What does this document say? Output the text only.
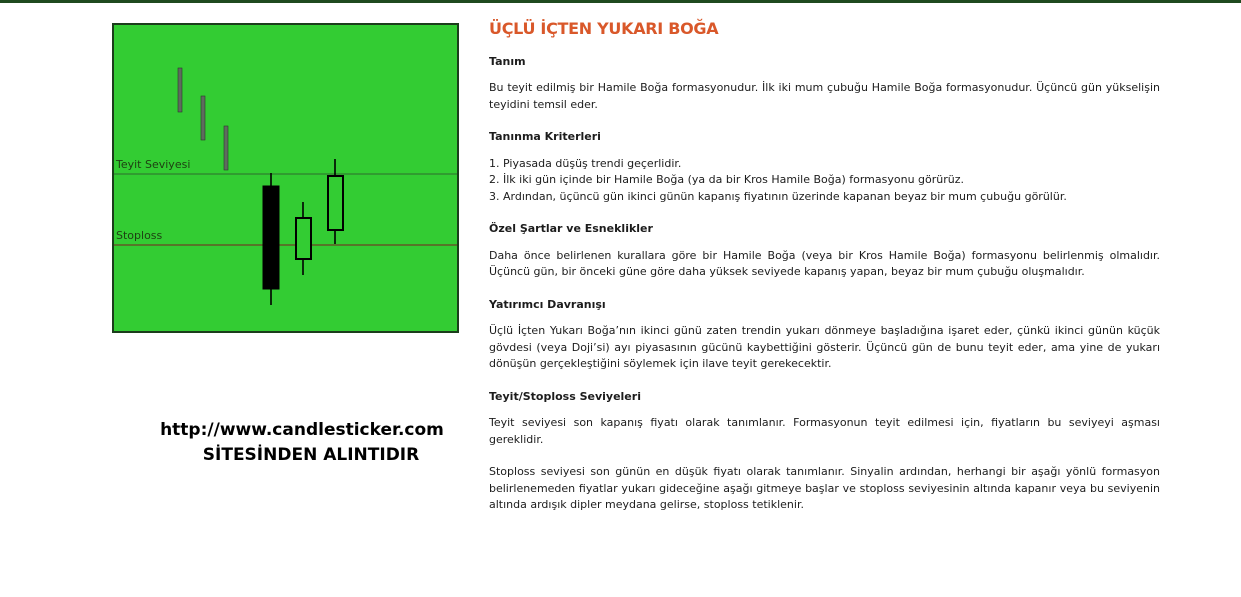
Teyit Seviyesi
Stoploss
http://www.candlesticker.com
SİTESİNDEN ALINTIDIR
ÜÇLÜ İÇTEN YUKARI BOĞA
Tanım

Bu teyit edilmiş bir Hamile Boğa formasyonudur. İlk iki mum çubuğu Hamile Boğa formasyonudur. Üçüncü gün yükselişin teyidini temsil eder.

Tanınma Kriterleri
1. Piyasada düşüş trendi geçerlidir.
2. İlk iki gün içinde bir Hamile Boğa (ya da bir Kros Hamile Boğa) formasyonu görürüz.
3. Ardından, üçüncü gün ikinci günün kapanış fiyatının üzerinde kapanan beyaz bir mum çubuğu görülür.
Özel Şartlar ve Esneklikler

Daha önce belirlenen kurallara göre bir Hamile Boğa (veya bir Kros Hamile Boğa) formasyonu belirlenmiş olmalıdır. Üçüncü gün, bir önceki güne göre daha yüksek seviyede kapanış yapan, beyaz bir mum çubuğu oluşmalıdır.

Yatırımcı Davranışı

Üçlü İçten Yukarı Boğa’nın ikinci günü zaten trendin yukarı dönmeye başladığına işaret eder, çünkü ikinci günün küçük gövdesi (veya Doji’si) ayı piyasasının gücünü kaybettiğini gösterir. Üçüncü gün de bunu teyit eder, ama yine de yukarı dönüşün gerçekleştiğini söylemek için ilave teyit gerekecektir.

Teyit/Stoploss Seviyeleri

Teyit seviyesi son kapanış fiyatı olarak tanımlanır. Formasyonun teyit edilmesi için, fiyatların bu seviyeyi aşması gereklidir.

Stoploss seviyesi son günün en düşük fiyatı olarak tanımlanır. Sinyalin ardından, herhangi bir aşağı yönlü formasyon belirlenemeden fiyatlar yukarı gideceğine aşağı gitmeye başlar ve stoploss seviyesinin altında kapanır veya bu seviyenin altında ardışık dipler meydana gelirse, stoploss tetiklenir.
